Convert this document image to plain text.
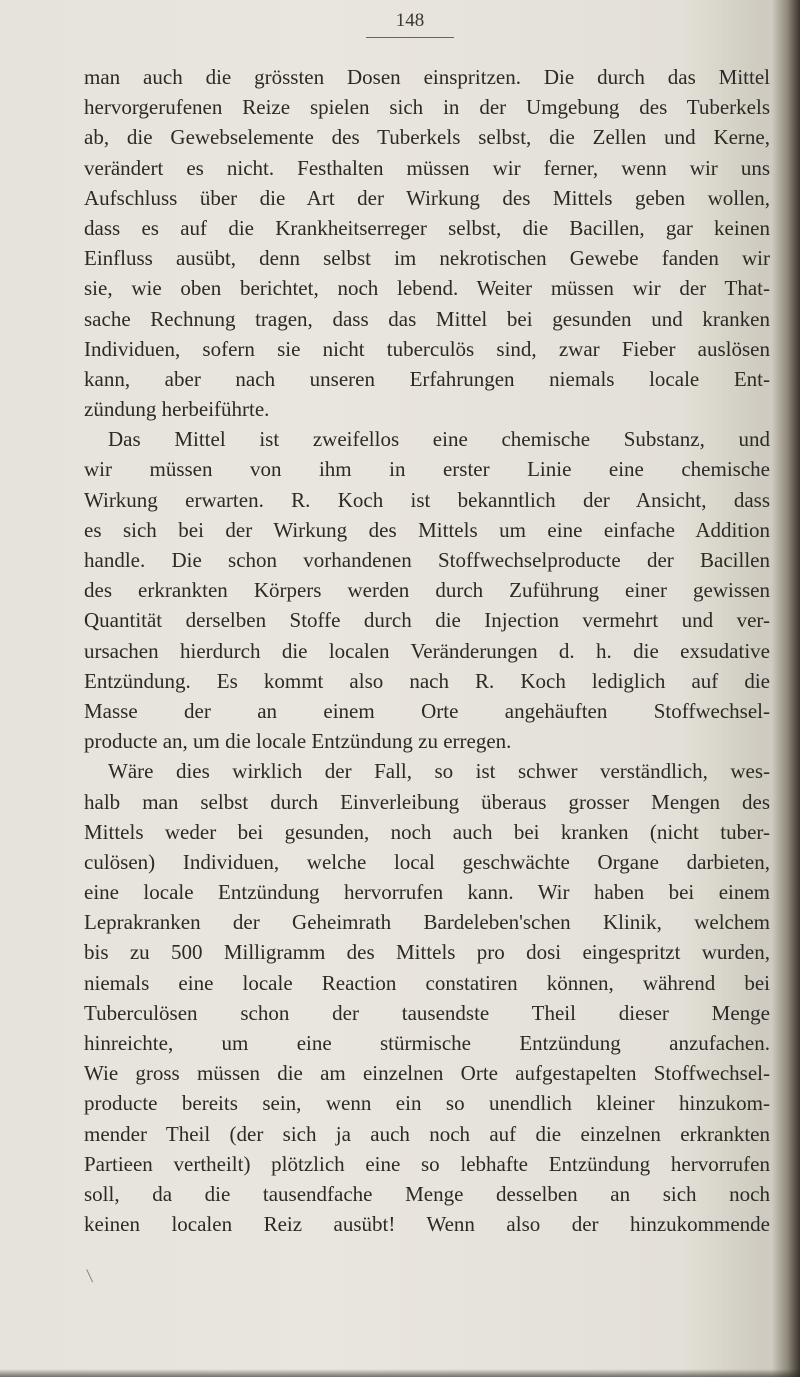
148
man auch die grössten Dosen einspritzen. Die durch das Mittel
hervorgerufenen Reize spielen sich in der Umgebung des Tuberkels
ab, die Gewebselemente des Tuberkels selbst, die Zellen und Kerne,
verändert es nicht. Festhalten müssen wir ferner, wenn wir uns
Aufschluss über die Art der Wirkung des Mittels geben wollen,
dass es auf die Krankheitserreger selbst, die Bacillen, gar keinen
Einfluss ausübt, denn selbst im nekrotischen Gewebe fanden wir
sie, wie oben berichtet, noch lebend. Weiter müssen wir der That-
sache Rechnung tragen, dass das Mittel bei gesunden und kranken
Individuen, sofern sie nicht tuberculös sind, zwar Fieber auslösen
kann, aber nach unseren Erfahrungen niemals locale Ent-
zündung herbeiführte.
Das Mittel ist zweifellos eine chemische Substanz, und
wir müssen von ihm in erster Linie eine chemische
Wirkung erwarten. R. Koch ist bekanntlich der Ansicht, dass
es sich bei der Wirkung des Mittels um eine einfache Addition
handle. Die schon vorhandenen Stoffwechselproducte der Bacillen
des erkrankten Körpers werden durch Zuführung einer gewissen
Quantität derselben Stoffe durch die Injection vermehrt und ver-
ursachen hierdurch die localen Veränderungen d. h. die exsudative
Entzündung. Es kommt also nach R. Koch lediglich auf die
Masse der an einem Orte angehäuften Stoffwechsel-
producte an, um die locale Entzündung zu erregen.
Wäre dies wirklich der Fall, so ist schwer verständlich, wes-
halb man selbst durch Einverleibung überaus grosser Mengen des
Mittels weder bei gesunden, noch auch bei kranken (nicht tuber-
culösen) Individuen, welche local geschwächte Organe darbieten,
eine locale Entzündung hervorrufen kann. Wir haben bei einem
Leprakranken der Geheimrath Bardeleben'schen Klinik, welchem
bis zu 500 Milligramm des Mittels pro dosi eingespritzt wurden,
niemals eine locale Reaction constatiren können, während bei
Tuberculösen schon der tausendste Theil dieser Menge
hinreichte, um eine stürmische Entzündung anzufachen.
Wie gross müssen die am einzelnen Orte aufgestapelten Stoffwechsel-
producte bereits sein, wenn ein so unendlich kleiner hinzukom-
mender Theil (der sich ja auch noch auf die einzelnen erkrankten
Partieen vertheilt) plötzlich eine so lebhafte Entzündung hervorrufen
soll, da die tausendfache Menge desselben an sich noch
keinen localen Reiz ausübt! Wenn also der hinzukommende
